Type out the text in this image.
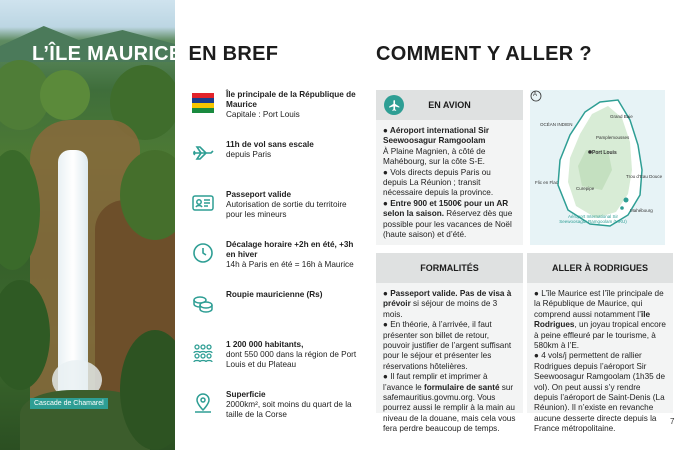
Cascade de Chamarel
L’ÎLE MAURICE EN BREF
Île principale de la République de Maurice
Capitale : Port Louis
11h de vol sans escale
depuis Paris
Passeport valide
Autorisation de sortie du territoire pour les mineurs
Décalage horaire +2h en été, +3h en hiver
14h à Paris en été = 16h à Maurice
Roupie mauricienne (Rs)
1 200 000 habitants,
dont 550 000 dans la région de Port Louis et du Plateau
Superficie
2000km², soit moins du quart de la taille de la Corse
COMMENT Y ALLER ?
EN AVION
● Aéroport international Sir Seewoosagur Ramgoolam
À Plaine Magnien, à côté de Mahébourg, sur la côte S-E.
● Vols directs depuis Paris ou depuis La Réunion ; transit nécessaire depuis la province.
● Entre 900 et 1500€ pour un AR selon la saison. Réservez dès que possible pour les vacances de Noël (haute saison) et d’été.
A
OCÉAN INDIEN
Grand Baie
Pamplemousses
Port Louis
Flic en Flac
Curepipe
Trou d’Eau Douce
Mahébourg
Aéroport International Sir Seewoosagur Ramgoolam (MRU)
FORMALITÉS
● Passeport valide. Pas de visa à prévoir si séjour de moins de 3 mois.
● En théorie, à l’arrivée, il faut présenter son billet de retour, pouvoir justifier de l’argent suffisant pour le séjour et présenter les réservations hôtelières.
● Il faut remplir et imprimer à l’avance le formulaire de santé sur safemauritius.govmu.org. Vous pourrez aussi le remplir à la main au niveau de la douane, mais cela vous fera perdre beaucoup de temps.
ALLER À RODRIGUES
● L’île Maurice est l’île principale de la République de Maurice, qui comprend aussi notamment l’île Rodrigues, un joyau tropical encore à peine effleuré par le tourisme, à 580km à l’E.
● 4 vols/j permettent de rallier Rodrigues depuis l’aéroport Sir Seewoosagur Ramgoolam (1h35 de vol). On peut aussi s’y rendre depuis l’aéroport de Saint-Denis (La Réunion). Il n’existe en revanche aucune desserte directe depuis la France métropolitaine.
7
